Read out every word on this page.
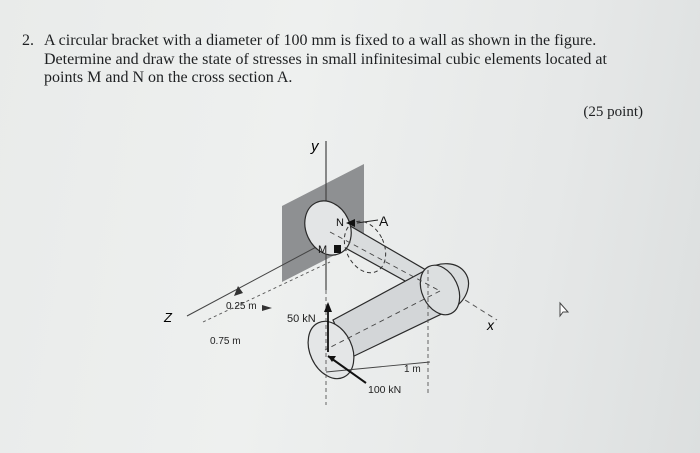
2. A circular bracket with a diameter of 100 mm is fixed to a wall as shown in the figure.
Determine and draw the state of stresses in small infinitesimal cubic elements located at
points M and N on the cross section A.
(25 point)
y
x
Z
1 m
100 kN
50 kN
0.25 m
0.75 m
N	A
M
